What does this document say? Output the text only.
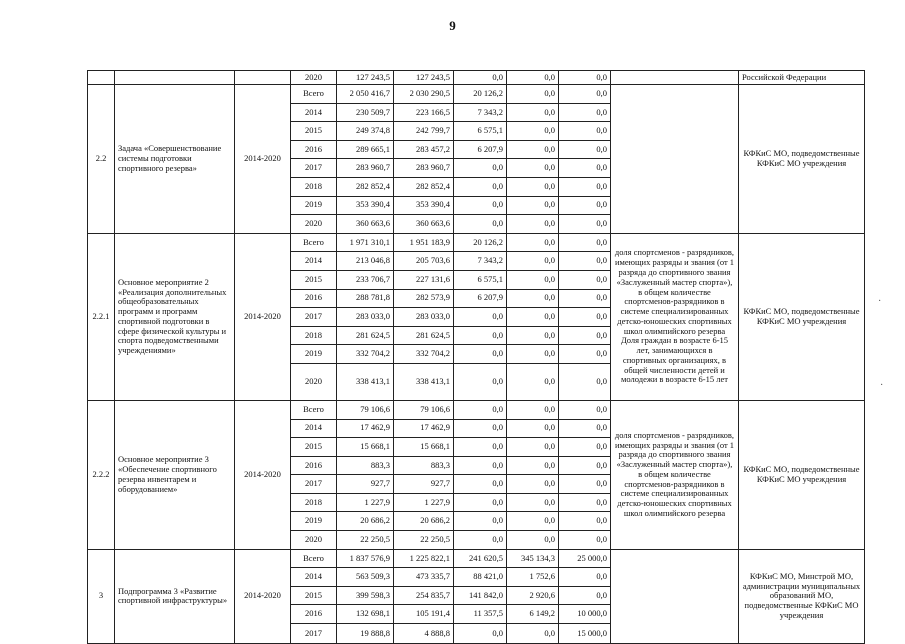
9
			2020	127 243,5	127 243,5	0,0	0,0	0,0		Российской Федерации
2.2	Задача «Совершенствование системы подготовки спортивного резерва»	2014-2020	Всего	2 050 416,7	2 030 290,5	20 126,2	0,0	0,0		КФКиС МО, подведомственные КФКиС МО учреждения
			2014	230 509,7	223 166,5	7 343,2	0,0	0,0		
			2015	249 374,8	242 799,7	6 575,1	0,0	0,0		
			2016	289 665,1	283 457,2	6 207,9	0,0	0,0		
			2017	283 960,7	283 960,7	0,0	0,0	0,0		
			2018	282 852,4	282 852,4	0,0	0,0	0,0		
			2019	353 390,4	353 390,4	0,0	0,0	0,0		
			2020	360 663,6	360 663,6	0,0	0,0	0,0		
2.2.1	Основное мероприятие 2 «Реализация дополнительных общеобразовательных программ и программ спортивной подготовки в сфере физической культуры и спорта подведомственными учреждениями»	2014-2020	Всего	1 971 310,1	1 951 183,9	20 126,2	0,0	0,0	доля спортсменов - разрядников, имеющих разряды и звания (от 1 разряда до спортивного звания «Заслуженный мастер спорта»), в общем количестве спортсменов-разрядников в системе специализированных детско-юношеских спортивных школ олимпийского резерва Доля граждан в возрасте 6-15 лет, занимающихся в спортивных организациях, в общей численности детей и молодежи в возрасте 6-15 лет	КФКиС МО, подведомственные КФКиС МО учреждения
			2014	213 046,8	205 703,6	7 343,2	0,0	0,0		
			2015	233 706,7	227 131,6	6 575,1	0,0	0,0		
			2016	288 781,8	282 573,9	6 207,9	0,0	0,0		
			2017	283 033,0	283 033,0	0,0	0,0	0,0		
			2018	281 624,5	281 624,5	0,0	0,0	0,0		
			2019	332 704,2	332 704,2	0,0	0,0	0,0		
			2020	338 413,1	338 413,1	0,0	0,0	0,0		
2.2.2	Основное мероприятие 3 «Обеспечение спортивного резерва инвентарем и оборудованием»	2014-2020	Всего	79 106,6	79 106,6	0,0	0,0	0,0	доля спортсменов - разрядников, имеющих разряды и звания (от 1 разряда до спортивного звания «Заслуженный мастер спорта»), в общем количестве спортсменов-разрядников в системе специализированных детско-юношеских спортивных школ олимпийского резерва	КФКиС МО, подведомственные КФКиС МО учреждения
			2014	17 462,9	17 462,9	0,0	0,0	0,0		
			2015	15 668,1	15 668,1	0,0	0,0	0,0		
			2016	883,3	883,3	0,0	0,0	0,0		
			2017	927,7	927,7	0,0	0,0	0,0		
			2018	1 227,9	1 227,9	0,0	0,0	0,0		
			2019	20 686,2	20 686,2	0,0	0,0	0,0		
			2020	22 250,5	22 250,5	0,0	0,0	0,0		
3	Подпрограмма 3 «Развитие спортивной инфраструктуры»	2014-2020	Всего	1 837 576,9	1 225 822,1	241 620,5	345 134,3	25 000,0		КФКиС МО, Минстрой МО, администрации муниципальных образований МО, подведомственные КФКиС МО учреждения
			2014	563 509,3	473 335,7	88 421,0	1 752,6	0,0		
			2015	399 598,3	254 835,7	141 842,0	2 920,6	0,0		
			2016	132 698,1	105 191,4	11 357,5	6 149,2	10 000,0		
			2017	19 888,8	4 888,8	0,0	0,0	15 000,0		
·
·
